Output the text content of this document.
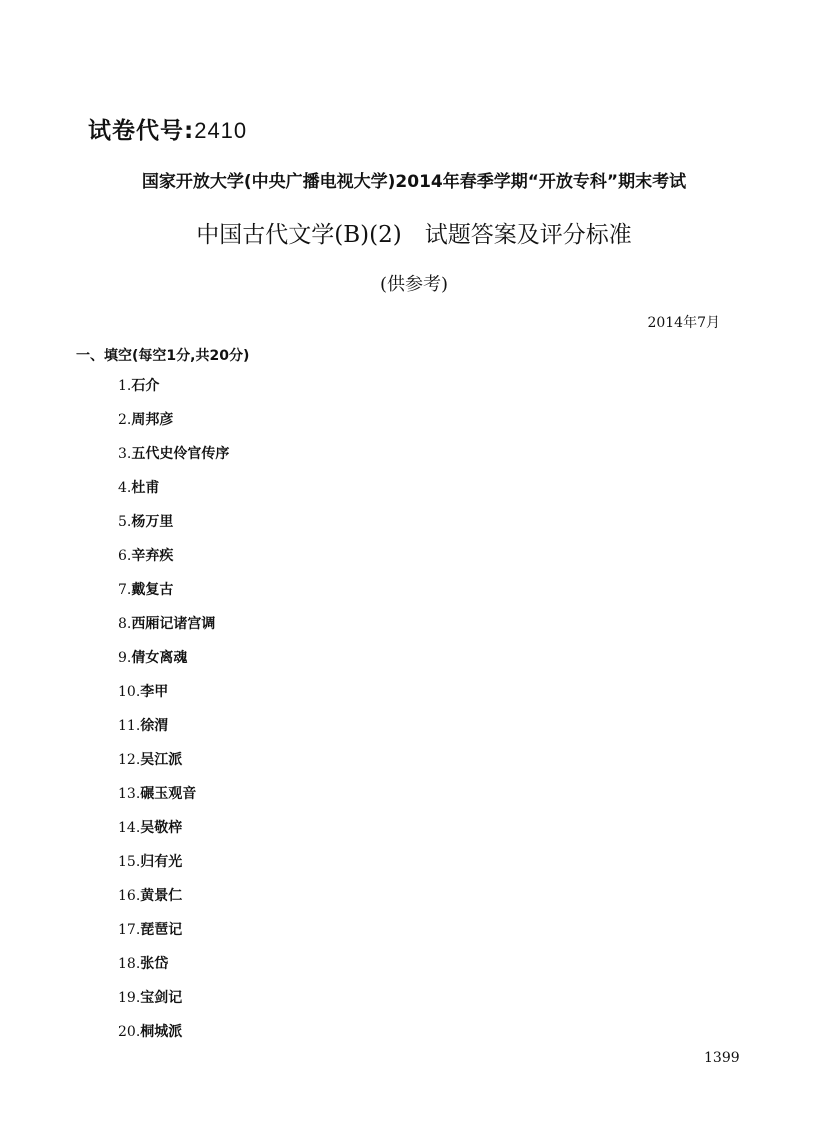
试卷代号:2410
国家开放大学(中央广播电视大学)2014年春季学期“开放专科”期末考试
中国古代文学(B)(2)　试题答案及评分标准
(供参考)
2014年7月
一、填空(每空1分,共20分)
1.石介
2.周邦彦
3.五代史伶官传序
4.杜甫
5.杨万里
6.辛弃疾
7.戴复古
8.西厢记诸宫调
9.倩女离魂
10.李甲
11.徐渭
12.吴江派
13.碾玉观音
14.吴敬梓
15.归有光
16.黄景仁
17.琵琶记
18.张岱
19.宝剑记
20.桐城派
1399
